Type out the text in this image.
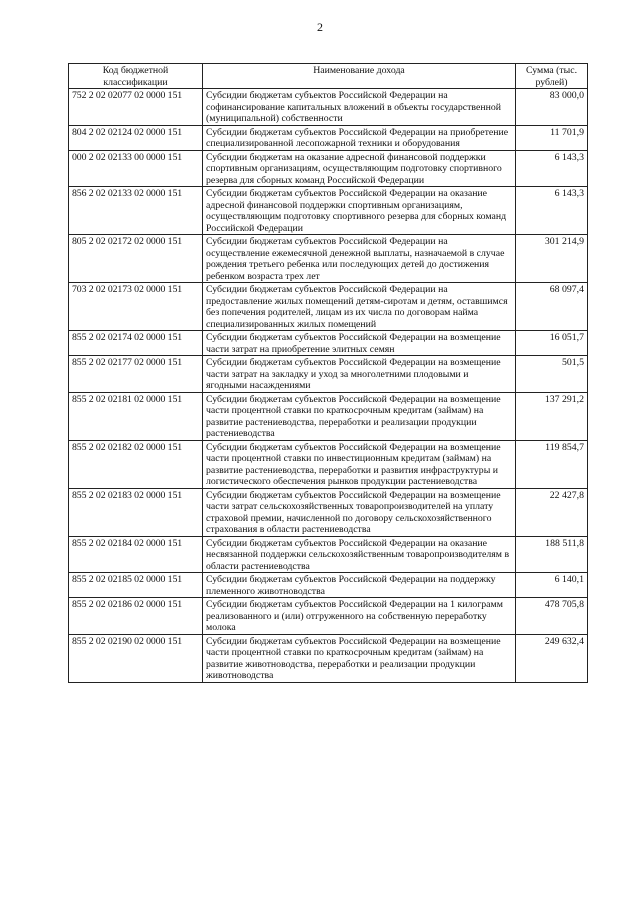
2
Код бюджетной классификации	Наименование дохода	Сумма (тыс. рублей)
752 2 02 02077 02 0000 151	Субсидии бюджетам субъектов Российской Федерации на софинансирование капитальных вложений в объекты государственной (муниципальной) собственности	83 000,0
804 2 02 02124 02 0000 151	Субсидии бюджетам субъектов Российской Федерации на приобретение специализированной лесопожарной техники и оборудования	11 701,9
000 2 02 02133 00 0000 151	Субсидии бюджетам на оказание адресной финансовой поддержки спортивным организациям, осуществляющим подготовку спортивного резерва для сборных команд Российской Федерации	6 143,3
856 2 02 02133 02 0000 151	Субсидии бюджетам субъектов Российской Федерации на оказание адресной финансовой поддержки спортивным организациям, осуществляющим подготовку спортивного резерва для сборных команд Российской Федерации	6 143,3
805 2 02 02172 02 0000 151	Субсидии бюджетам субъектов Российской Федерации на осуществление ежемесячной денежной выплаты, назначаемой в случае рождения третьего ребенка или последующих детей до достижения ребенком возраста трех лет	301 214,9
703 2 02 02173 02 0000 151	Субсидии бюджетам субъектов Российской Федерации на предоставление жилых помещений детям-сиротам и детям, оставшимся без попечения родителей, лицам из их числа по договорам найма специализированных жилых помещений	68 097,4
855 2 02 02174 02 0000 151	Субсидии бюджетам субъектов Российской Федерации на возмещение части затрат на приобретение элитных семян	16 051,7
855 2 02 02177 02 0000 151	Субсидии бюджетам субъектов Российской Федерации на возмещение части затрат на закладку и уход за многолетними плодовыми и ягодными насаждениями	501,5
855 2 02 02181 02 0000 151	Субсидии бюджетам субъектов Российской Федерации на возмещение части процентной ставки по краткосрочным кредитам (займам) на развитие растениеводства, переработки и реализации продукции растениеводства	137 291,2
855 2 02 02182 02 0000 151	Субсидии бюджетам субъектов Российской Федерации на возмещение части процентной ставки по инвестиционным кредитам (займам) на развитие растениеводства, переработки и развития инфраструктуры и логистического обеспечения рынков продукции растениеводства	119 854,7
855 2 02 02183 02 0000 151	Субсидии бюджетам субъектов Российской Федерации на возмещение части затрат сельскохозяйственных товаропроизводителей на уплату страховой премии, начисленной по договору сельскохозяйственного страхования в области растениеводства	22 427,8
855 2 02 02184 02 0000 151	Субсидии бюджетам субъектов Российской Федерации на оказание несвязанной поддержки сельскохозяйственным товаропроизводителям в области растениеводства	188 511,8
855 2 02 02185 02 0000 151	Субсидии бюджетам субъектов Российской Федерации на поддержку племенного животноводства	6 140,1
855 2 02 02186 02 0000 151	Субсидии бюджетам субъектов Российской Федерации на 1 килограмм реализованного и (или) отгруженного на собственную переработку молока	478 705,8
855 2 02 02190 02 0000 151	Субсидии бюджетам субъектов Российской Федерации на возмещение части процентной ставки по краткосрочным кредитам (займам) на развитие животноводства, переработки и реализации продукции животноводства	249 632,4
